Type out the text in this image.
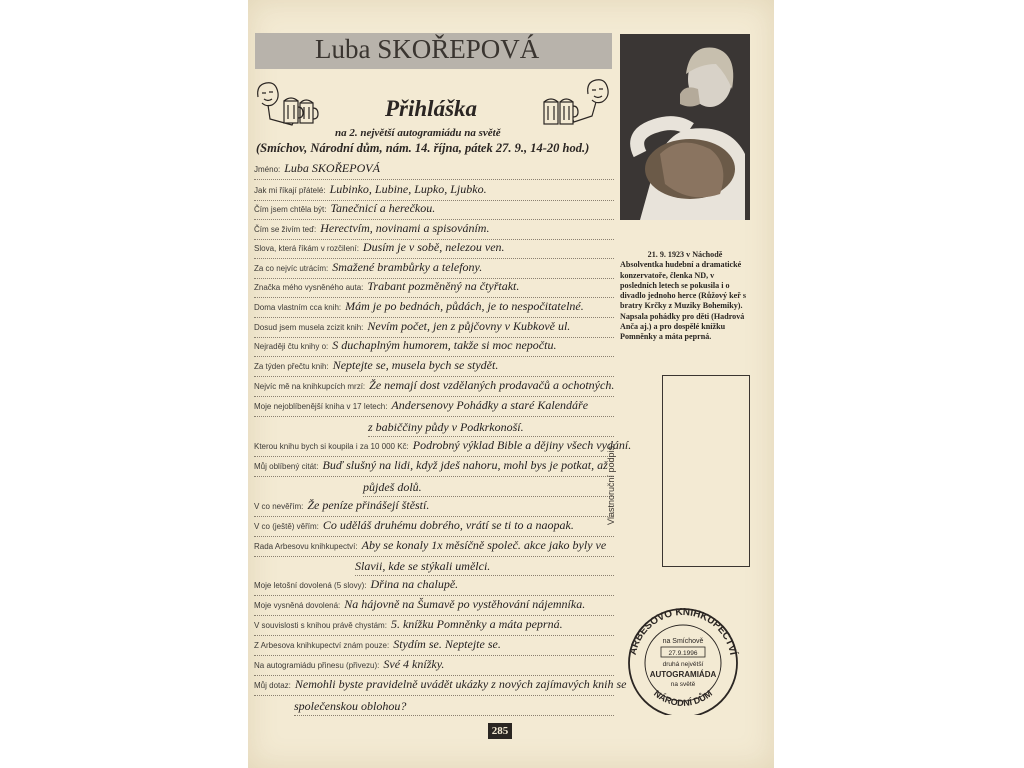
Luba SKOŘEPOVÁ
Přihláška
na 2. největší autogramiádu na světě
(Smíchov, Národní dům, nám. 14. října, pátek 27. 9., 14-20 hod.)
Jméno: Luba SKOŘEPOVÁ
Jak mi říkají přátelé: Lubinko, Lubine, Lupko, Ljubko.
Čím jsem chtěla být: Tanečnicí a herečkou.
Čím se živím teď: Herectvím, novinami a spisováním.
Slova, která říkám v rozčilení: Dusím je v sobě, nelezou ven.
Za co nejvíc utrácím: Smažené brambůrky a telefony.
Značka mého vysněného auta: Trabant pozměněný na čtyřtakt.
Doma vlastním cca knih: Mám je po bednách, půdách, je to nespočitatelné.
Dosud jsem musela zcizit knih: Nevím počet, jen z půjčovny v Kubkově ul.
Nejraději čtu knihy o: S duchaplným humorem, takže si moc nepočtu.
Za týden přečtu knih: Neptejte se, musela bych se stydět.
Nejvíc mě na knihkupcích mrzí: Že nemají dost vzdělaných prodavačů a ochotných.
Moje nejoblíbenější kniha v 17 letech: Andersenovy Pohádky a staré Kalendáře
z babiččiny půdy v Podkrkonoší.
Kterou knihu bych si koupila i za 10 000 Kč: Podrobný výklad Bible a dějiny všech vydání.
Můj oblíbený citát: Buď slušný na lidi, když jdeš nahoru, mohl bys je potkat, až
půjdeš dolů.
V co nevěřím: Že peníze přinášejí štěstí.
V co (ještě) věřím: Co uděláš druhému dobrého, vrátí se ti to a naopak.
Rada Arbesovu knihkupectví: Aby se konaly 1x měsíčně společ. akce jako byly ve
Slavii, kde se stýkali umělci.
Moje letošní dovolená (5 slovy): Dřina na chalupě.
Moje vysněná dovolená: Na hájovně na Šumavě po vystěhování nájemníka.
V souvislosti s knihou právě chystám: 5. knížku Pomněnky a máta peprná.
Z Arbesova knihkupectví znám pouze: Stydím se. Neptejte se.
Na autogramiádu přinesu (přivezu): Své 4 knížky.
Můj dotaz: Nemohli byste pravidelně uvádět ukázky z nových zajímavých knih se
společenskou oblohou?
21. 9. 1923 v Náchodě
Absolventka hudební a dramatické konzervatoře, členka ND, v posledních letech se pokusila i o divadlo jednoho herce (Růžový keř s bratry Krčky z Muziky Bohemiky). Napsala pohádky pro děti (Hadrová Anča aj.) a pro dospělé knížku Pomněnky a máta peprná.
Vlastnoruční podpis:
ARBESOVO KNIHKUPECTVÍ
NÁRODNÍ DŮM
na Smíchově
27.9.1996
druhá největší
AUTOGRAMIÁDA
na světě
285
